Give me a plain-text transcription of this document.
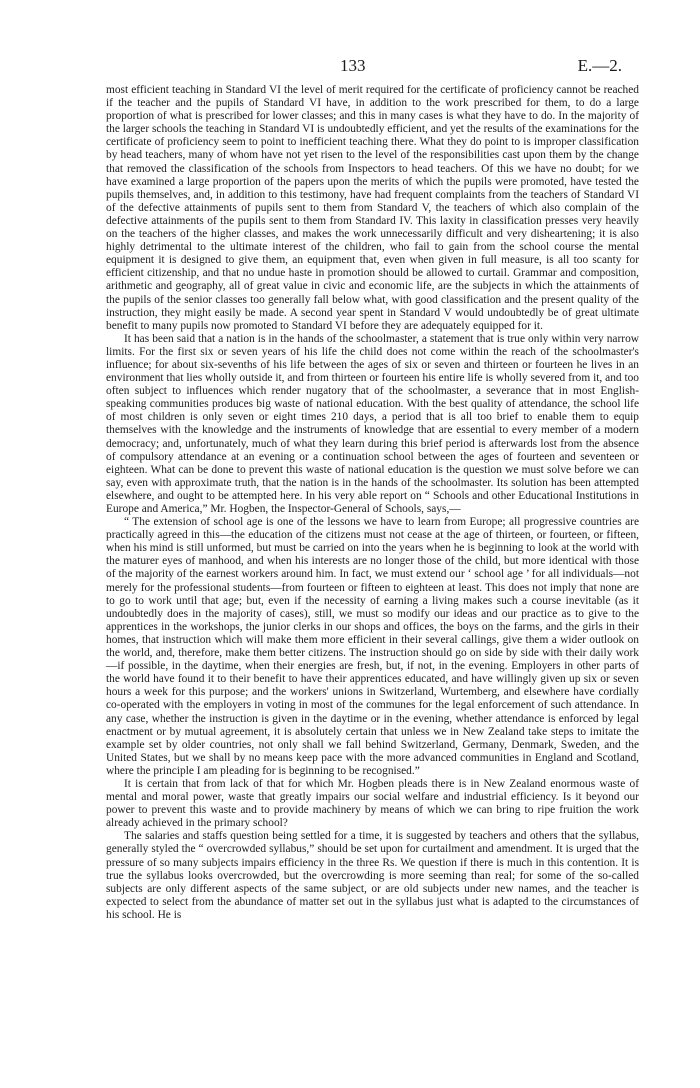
133	E.—2.

most efficient teaching in Standard VI the level of merit required for the certificate of proficiency cannot be reached if the teacher and the pupils of Standard VI have, in addition to the work prescribed for them, to do a large proportion of what is prescribed for lower classes; and this in many cases is what they have to do. In the majority of the larger schools the teaching in Standard VI is undoubtedly efficient, and yet the results of the examinations for the certificate of proficiency seem to point to inefficient teaching there. What they do point to is improper classification by head teachers, many of whom have not yet risen to the level of the responsibilities cast upon them by the change that removed the classification of the schools from Inspectors to head teachers. Of this we have no doubt; for we have examined a large proportion of the papers upon the merits of which the pupils were promoted, have tested the pupils themselves, and, in addition to this testimony, have had frequent complaints from the teachers of Standard VI of the defective attainments of pupils sent to them from Standard V, the teachers of which also complain of the defective attainments of the pupils sent to them from Standard IV. This laxity in classification presses very heavily on the teachers of the higher classes, and makes the work unnecessarily difficult and very disheartening; it is also highly detrimental to the ultimate interest of the children, who fail to gain from the school course the mental equipment it is designed to give them, an equipment that, even when given in full measure, is all too scanty for efficient citizenship, and that no undue haste in promotion should be allowed to curtail. Grammar and composition, arithmetic and geography, all of great value in civic and economic life, are the subjects in which the attainments of the pupils of the senior classes too generally fall below what, with good classification and the present quality of the instruction, they might easily be made. A second year spent in Standard V would undoubtedly be of great ultimate benefit to many pupils now promoted to Standard VI before they are adequately equipped for it.

It has been said that a nation is in the hands of the schoolmaster, a statement that is true only within very narrow limits. For the first six or seven years of his life the child does not come within the reach of the schoolmaster's influence; for about six-sevenths of his life between the ages of six or seven and thirteen or fourteen he lives in an environment that lies wholly outside it, and from thirteen or fourteen his entire life is wholly severed from it, and too often subject to influences which render nugatory that of the schoolmaster, a severance that in most English-speaking communities produces big waste of national education. With the best quality of attendance, the school life of most children is only seven or eight times 210 days, a period that is all too brief to enable them to equip themselves with the knowledge and the instruments of knowledge that are essential to every member of a modern democracy; and, unfortunately, much of what they learn during this brief period is afterwards lost from the absence of compulsory attendance at an evening or a continuation school between the ages of fourteen and seventeen or eighteen. What can be done to prevent this waste of national education is the question we must solve before we can say, even with approximate truth, that the nation is in the hands of the schoolmaster. Its solution has been attempted elsewhere, and ought to be attempted here. In his very able report on “ Schools and other Educational Institutions in Europe and America,” Mr. Hogben, the Inspector-General of Schools, says,—

“ The extension of school age is one of the lessons we have to learn from Europe; all progressive countries are practically agreed in this—the education of the citizens must not cease at the age of thirteen, or fourteen, or fifteen, when his mind is still unformed, but must be carried on into the years when he is beginning to look at the world with the maturer eyes of manhood, and when his interests are no longer those of the child, but more identical with those of the majority of the earnest workers around him. In fact, we must extend our ‘ school age ’ for all individuals—not merely for the professional students—from fourteen or fifteen to eighteen at least. This does not imply that none are to go to work until that age; but, even if the necessity of earning a living makes such a course inevitable (as it undoubtedly does in the majority of cases), still, we must so modify our ideas and our practice as to give to the apprentices in the workshops, the junior clerks in our shops and offices, the boys on the farms, and the girls in their homes, that instruction which will make them more efficient in their several callings, give them a wider outlook on the world, and, therefore, make them better citizens. The instruction should go on side by side with their daily work—if possible, in the daytime, when their energies are fresh, but, if not, in the evening. Employers in other parts of the world have found it to their benefit to have their apprentices educated, and have willingly given up six or seven hours a week for this purpose; and the workers' unions in Switzerland, Wurtemberg, and elsewhere have cordially co-operated with the employers in voting in most of the communes for the legal enforcement of such attendance. In any case, whether the instruction is given in the daytime or in the evening, whether attendance is enforced by legal enactment or by mutual agreement, it is absolutely certain that unless we in New Zealand take steps to imitate the example set by older countries, not only shall we fall behind Switzerland, Germany, Denmark, Sweden, and the United States, but we shall by no means keep pace with the more advanced communities in England and Scotland, where the principle I am pleading for is beginning to be recognised.”

It is certain that from lack of that for which Mr. Hogben pleads there is in New Zealand enormous waste of mental and moral power, waste that greatly impairs our social welfare and industrial efficiency. Is it beyond our power to prevent this waste and to provide machinery by means of which we can bring to ripe fruition the work already achieved in the primary school?

The salaries and staffs question being settled for a time, it is suggested by teachers and others that the syllabus, generally styled the “ overcrowded syllabus,” should be set upon for curtailment and amendment. It is urged that the pressure of so many subjects impairs efficiency in the three Rs. We question if there is much in this contention. It is true the syllabus looks overcrowded, but the overcrowding is more seeming than real; for some of the so-called subjects are only different aspects of the same subject, or are old subjects under new names, and the teacher is expected to select from the abundance of matter set out in the syllabus just what is adapted to the circumstances of his school. He is
